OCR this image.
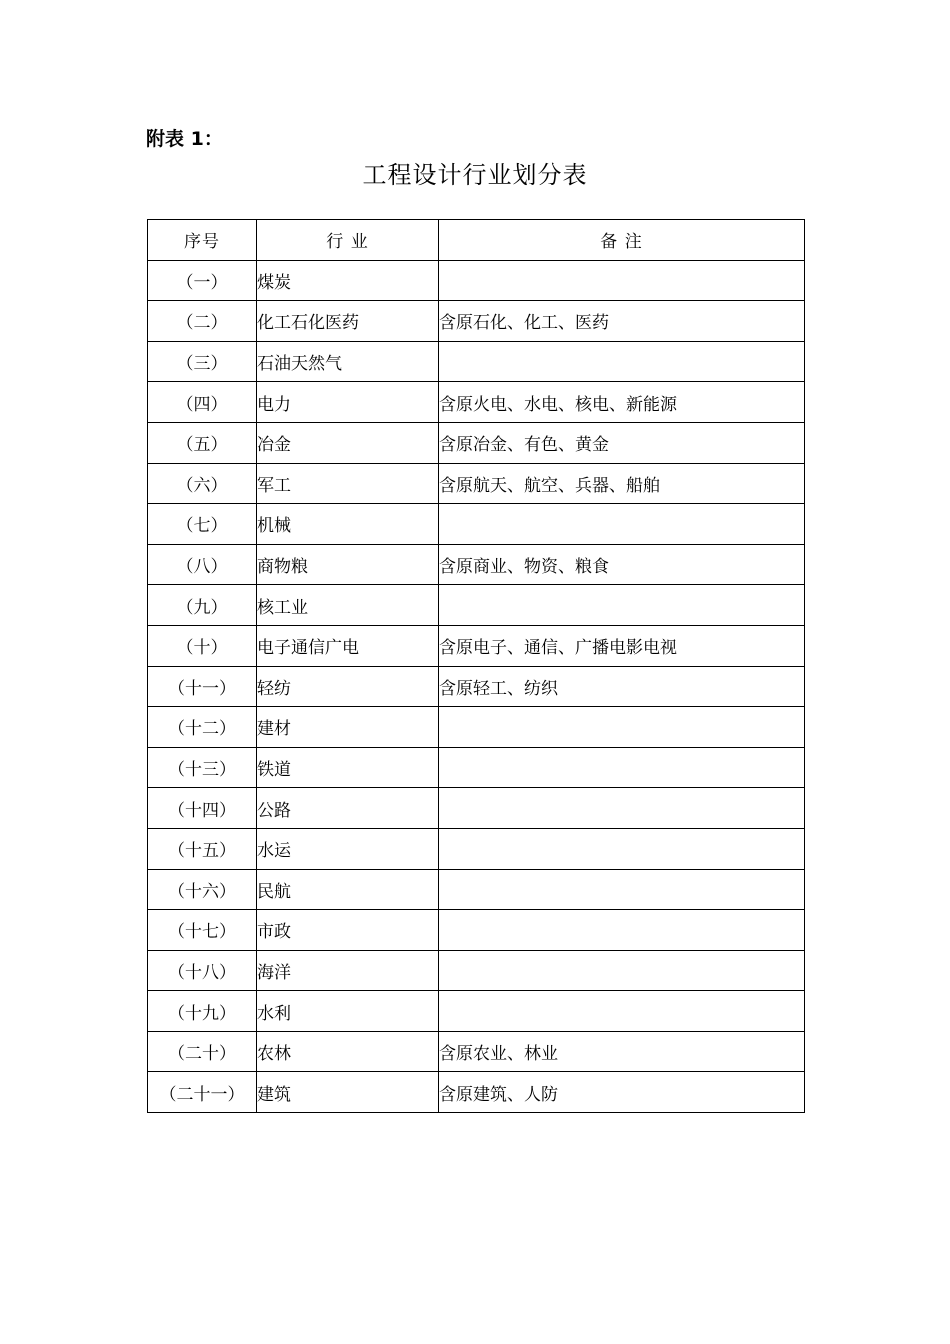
附表 1：
工程设计行业划分表
序号	行 业	备 注
（一）	煤炭	
（二）	化工石化医药	含原石化、化工、医药
（三）	石油天然气	
（四）	电力	含原火电、水电、核电、新能源
（五）	冶金	含原冶金、有色、黄金
（六）	军工	含原航天、航空、兵器、船舶
（七）	机械	
（八）	商物粮	含原商业、物资、粮食
（九）	核工业	
（十）	电子通信广电	含原电子、通信、广播电影电视
（十一）	轻纺	含原轻工、纺织
（十二）	建材	
（十三）	铁道	
（十四）	公路	
（十五）	水运	
（十六）	民航	
（十七）	市政	
（十八）	海洋	
（十九）	水利	
（二十）	农林	含原农业、林业
（二十一）	建筑	含原建筑、人防
